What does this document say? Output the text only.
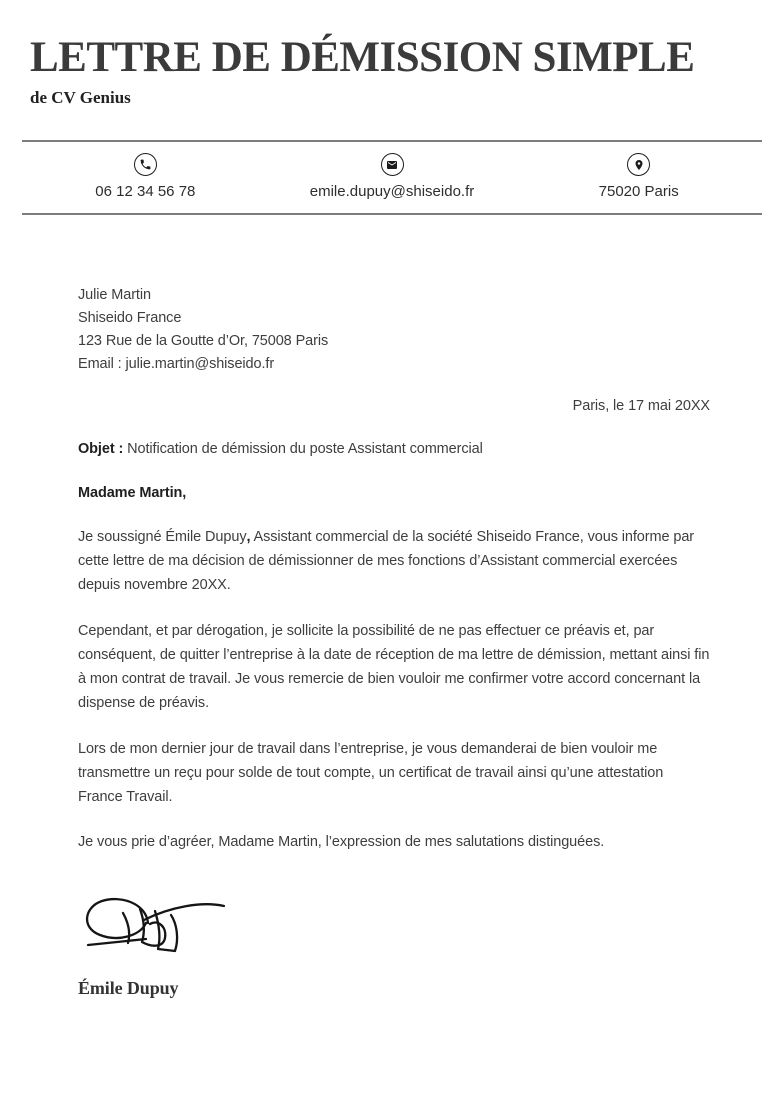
LETTRE DE DÉMISSION SIMPLE
de CV Genius
06 12 34 56 78	emile.dupuy@shiseido.fr	75020 Paris
Julie Martin
Shiseido France
123 Rue de la Goutte d’Or, 75008 Paris
Email : julie.martin@shiseido.fr
Paris, le 17 mai 20XX
Objet : Notification de démission du poste Assistant commercial
Madame Martin,

Je soussigné Émile Dupuy, Assistant commercial de la société Shiseido France, vous informe par cette lettre de ma décision de démissionner de mes fonctions d’Assistant commercial exercées depuis novembre 20XX.

Cependant, et par dérogation, je sollicite la possibilité de ne pas effectuer ce préavis et, par conséquent, de quitter l’entreprise à la date de réception de ma lettre de démission, mettant ainsi fin à mon contrat de travail. Je vous remercie de bien vouloir me confirmer votre accord concernant la dispense de préavis.

Lors de mon dernier jour de travail dans l’entreprise, je vous demanderai de bien vouloir me transmettre un reçu pour solde de tout compte, un certificat de travail ainsi qu’une attestation France Travail.

Je vous prie d’agréer, Madame Martin, l’expression de mes salutations distinguées.

Émile Dupuy
